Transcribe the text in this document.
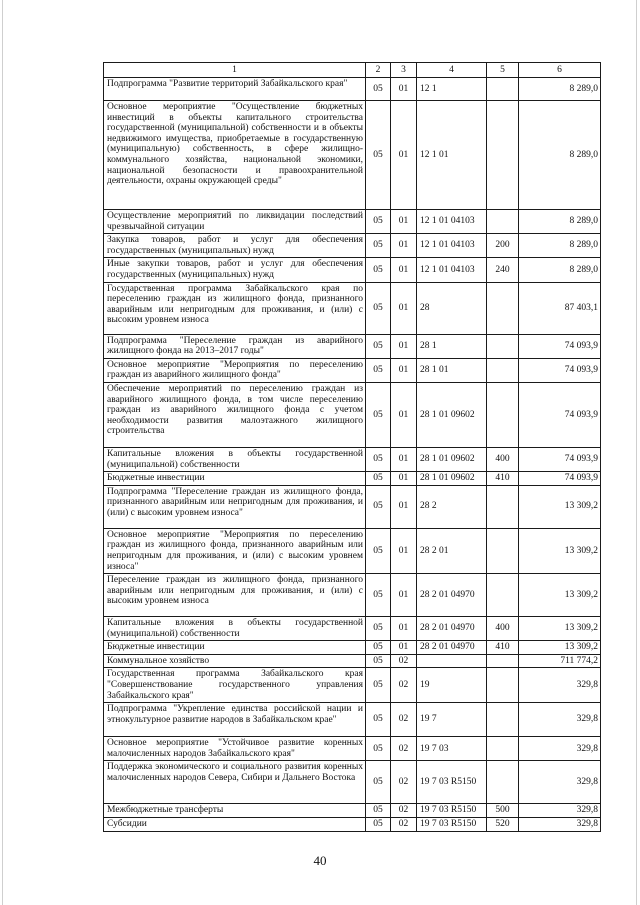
1	2	3	4	5	6
Подпрограмма "Развитие территорий Забайкальского края"	05	01	12 1		8 289,0
Основное мероприятие "Осуществление бюджетных инвестиций в объекты капитального строительства государственной (муниципальной) собственности и в объекты недвижимого имущества, приобретаемые в государственную (муниципальную) собственность, в сфере жилищно-коммунального хозяйства, национальной экономики, национальной безопасности и правоохранительной деятельности, охраны окружающей среды"	05	01	12 1 01		8 289,0
Осуществление мероприятий по ликвидации последствий чрезвычайной ситуации	05	01	12 1 01 04103		8 289,0
Закупка товаров, работ и услуг для обеспечения государственных (муниципальных) нужд	05	01	12 1 01 04103	200	8 289,0
Иные закупки товаров, работ и услуг для обеспечения государственных (муниципальных) нужд	05	01	12 1 01 04103	240	8 289,0
Государственная программа Забайкальского края по переселению граждан из жилищного фонда, признанного аварийным или непригодным для проживания, и (или) с высоким уровнем износа	05	01	28		87 403,1
Подпрограмма "Переселение граждан из аварийного жилищного фонда на 2013–2017 годы"	05	01	28 1		74 093,9
Основное мероприятие "Мероприятия по переселению граждан из аварийного жилищного фонда"	05	01	28 1 01		74 093,9
Обеспечение мероприятий по переселению граждан из аварийного жилищного фонда, в том числе переселению граждан из аварийного жилищного фонда с учетом необходимости развития малоэтажного жилищного строительства	05	01	28 1 01 09602		74 093,9
Капитальные вложения в объекты государственной (муниципальной) собственности	05	01	28 1 01 09602	400	74 093,9
Бюджетные инвестиции	05	01	28 1 01 09602	410	74 093,9
Подпрограмма "Переселение граждан из жилищного фонда, признанного аварийным или непригодным для проживания, и (или) с высоким уровнем износа"	05	01	28 2		13 309,2
Основное мероприятие "Мероприятия по переселению граждан из жилищного фонда, признанного аварийным или непригодным для проживания, и (или) с высоким уровнем износа"	05	01	28 2 01		13 309,2
Переселение граждан из жилищного фонда, признанного аварийным или непригодным для проживания, и (или) с высоким уровнем износа	05	01	28 2 01 04970		13 309,2
Капитальные вложения в объекты государственной (муниципальной) собственности	05	01	28 2 01 04970	400	13 309,2
Бюджетные инвестиции	05	01	28 2 01 04970	410	13 309,2
Коммунальное хозяйство	05	02			711 774,2
Государственная программа Забайкальского края "Совершенствование государственного управления Забайкальского края"	05	02	19		329,8
Подпрограмма "Укрепление единства российской нации и этнокультурное развитие народов в Забайкальском крае"	05	02	19 7		329,8
Основное мероприятие "Устойчивое развитие коренных малочисленных народов Забайкальского края"	05	02	19 7 03		329,8
Поддержка экономического и социального развития коренных малочисленных народов Севера, Сибири и Дальнего Востока	05	02	19 7 03 R5150		329,8
Межбюджетные трансферты	05	02	19 7 03 R5150	500	329,8
Субсидии	05	02	19 7 03 R5150	520	329,8
40
